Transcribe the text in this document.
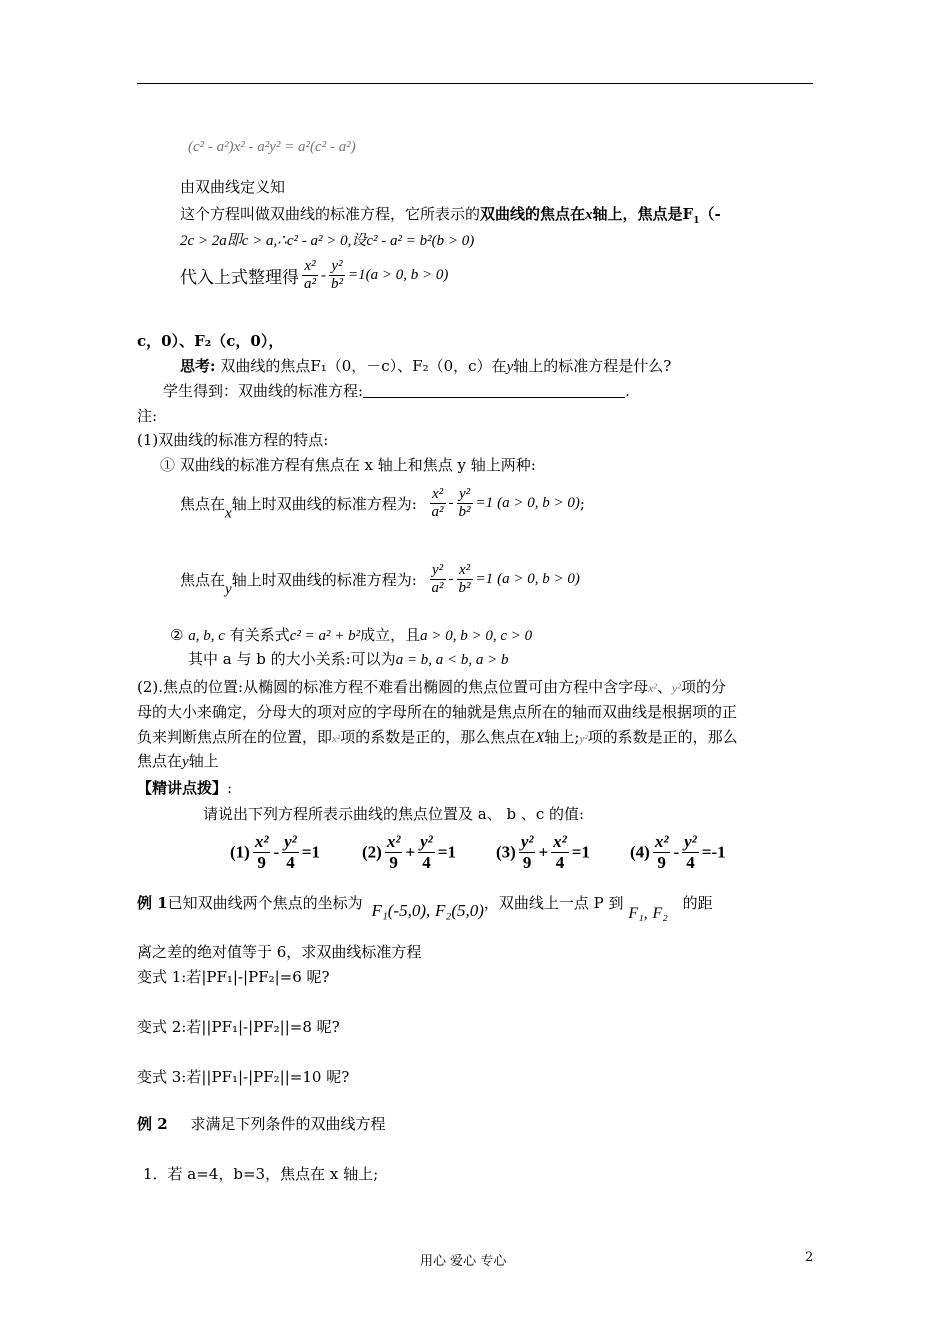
(c² - a²)x² - a²y² = a²(c² - a²)
由双曲线定义知
这个方程叫做双曲线的标准方程，它所表示的双曲线的焦点在x轴上，焦点是$F_1(-$
2c > 2a即c > a,∴c² - a² > 0,设c² - a² = b²(b > 0)
代入上式整理得 $\frac{\text{x²}}{\text{a²}} - \frac{\text{y²}}{\text{b²}} =1(a > 0$, b > 0)
c，0）、F₂（c，0），
思考: 双曲线的焦点F₁（0，－c）、F₂（0，c）在y轴上的标准方程是什么?
学生得到：双曲线的标准方程:	.
注:
(1)双曲线的标准方程的特点:
① 双曲线的标准方程有焦点在 x 轴上和焦点 y 轴上两种:
焦点在x轴上时双曲线的标准方程为: $\frac{\text{x²}}{\text{a²}} - \frac{\text{y²}}{\text{b²}} =1$ (a > 0, b > 0);
焦点在y轴上时双曲线的标准方程为: $\frac{\text{y²}}{\text{a²}} - \frac{\text{x²}}{\text{b²}} =1$ (a > 0, b > 0)
② a, b, c 有关系式c² = a² + b²成立，且a > 0, b > 0, c > 0
其中 a 与 b 的大小关系:可以为a = b, a < b, a > b
(2).焦点的位置:从椭圆的标准方程不难看出椭圆的焦点位置可由方程中含字母x²、y²项的分
母的大小来确定，分母大的项对应的字母所在的轴就是焦点所在的轴而双曲线是根据项的正
负来判断焦点所在的位置，即x²项的系数是正的，那么焦点在X轴上;y²项的系数是正的，那么
焦点在y轴上
【精讲点拨】:
请说出下列方程所表示曲线的焦点位置及 a、 b 、c 的值:
$(1) \frac{\text{x²}}{9} - \frac{\text{y²}}{4} =1$ $(2) \frac{\text{x²}}{9} + \frac{\text{y²}}{4} =1$ $(3) \frac{\text{y²}}{9} + \frac{\text{x²}}{4} =1$ $(4) \frac{\text{x²}}{9} - \frac{\text{y²}}{4} =-1$
例 1已知双曲线两个焦点的坐标为 F₁(-5,0), F₂(5,0)，双曲线上一点 P 到 F₁, F₂ 的距
离之差的绝对值等于 6，求双曲线标准方程
变式 1:若|PF₁|-|PF₂|=6 呢?
变式 2:若||PF₁|-|PF₂||=8 呢?
变式 3:若||PF₁|-|PF₂||=10 呢?
例 2 求满足下列条件的双曲线方程
1．若 a=4，b=3，焦点在 x 轴上;
用心 爱心 专心	2
